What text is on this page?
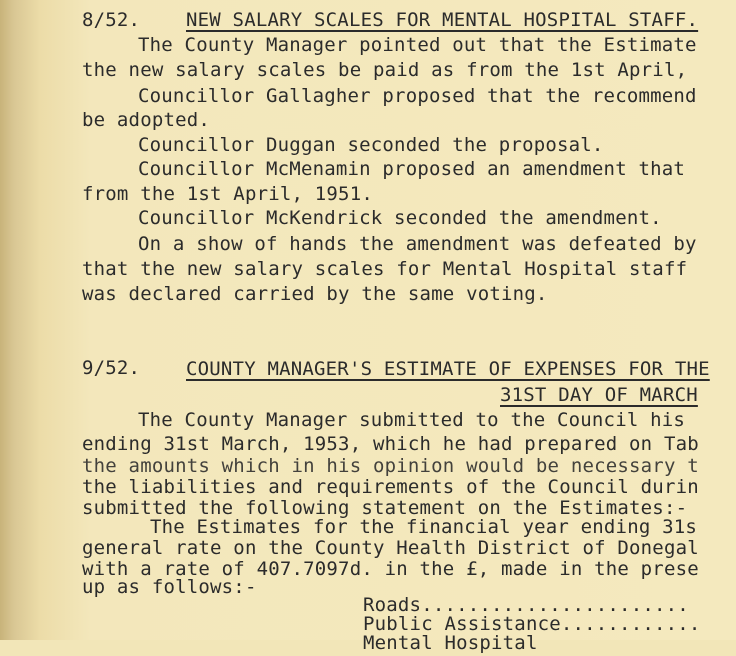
8/52. NEW SALARY SCALES FOR MENTAL HOSPITAL STAFF.
The County Manager pointed out that the Estimate
the new salary scales be paid as from the 1st April,
Councillor Gallagher proposed that the recommend
be adopted.
Councillor Duggan seconded the proposal.
Councillor McMenamin proposed an amendment that
from the 1st April, 1951.
Councillor McKendrick seconded the amendment.
On a show of hands the amendment was defeated by
that the new salary scales for Mental Hospital staff
was declared carried by the same voting.
9/52. COUNTY MANAGER'S ESTIMATE OF EXPENSES FOR THE
31ST DAY OF MARCH
The County Manager submitted to the Council his
ending 31st March, 1953, which he had prepared on Tab
the amounts which in his opinion would be necessary t
the liabilities and requirements of the Council durin
submitted the following statement on the Estimates:-
The Estimates for the financial year ending 31s
general rate on the County Health District of Donegal
with a rate of 407.7097d. in the £, made in the prese
up as follows:-
Roads.......................
Public Assistance............
Mental Hospital
